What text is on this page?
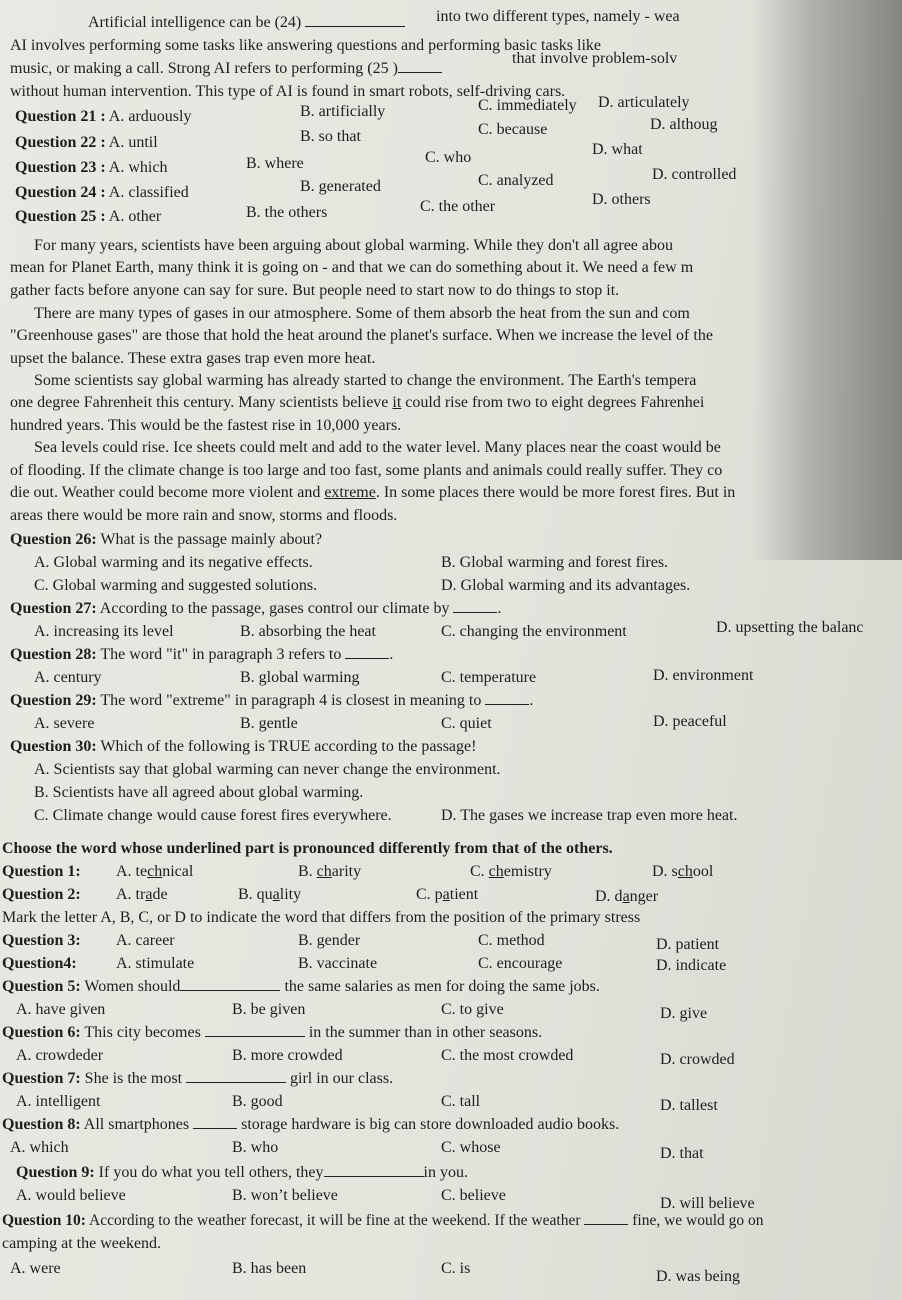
Artificial intelligence can be (24)	into two different types, namely - wea
AI involves performing some tasks like answering questions and performing basic tasks like
music, or making a call. Strong AI refers to performing (25 )
that involve problem-solv
without human intervention. This type of AI is found in smart robots, self-driving cars.
Question 21 : A. arduously	B. artificially	C. immediately D. articulately
Question 22 : A. until	B. so that	C. because	D. althoug
Question 23 : A. which	B. where	C. who	D. what
Question 24 : A. classified	B. generated	C. analyzed	D. controlled
Question 25 : A. other	B. the others	C. the other	D. others
For many years, scientists have been arguing about global warming. While they don't all agree abou
mean for Planet Earth, many think it is going on - and that we can do something about it. We need a few m
gather facts before anyone can say for sure. But people need to start now to do things to stop it.
There are many types of gases in our atmosphere. Some of them absorb the heat from the sun and com
"Greenhouse gases" are those that hold the heat around the planet's surface. When we increase the level of the
upset the balance. These extra gases trap even more heat.
Some scientists say global warming has already started to change the environment. The Earth's tempera
one degree Fahrenheit this century. Many scientists believe it could rise from two to eight degrees Fahrenhei
hundred years. This would be the fastest rise in 10,000 years.
Sea levels could rise. Ice sheets could melt and add to the water level. Many places near the coast would be
of flooding. If the climate change is too large and too fast, some plants and animals could really suffer. They co
die out. Weather could become more violent and extreme. In some places there would be more forest fires. But in
areas there would be more rain and snow, storms and floods.
Question 26: What is the passage mainly about?
A. Global warming and its negative effects.	B. Global warming and forest fires.
C. Global warming and suggested solutions.	D. Global warming and its advantages.
Question 27: According to the passage, gases control our climate by	.
A. increasing its level	B. absorbing the heat	C. changing the environment	D. upsetting the balanc
Question 28: The word "it" in paragraph 3 refers to	.
A. century	B. global warming	C. temperature	D. environment
Question 29: The word "extreme" in paragraph 4 is closest in meaning to	.
A. severe	B. gentle	C. quiet	D. peaceful
Question 30: Which of the following is TRUE according to the passage!
A. Scientists say that global warming can never change the environment.
B. Scientists have all agreed about global warming.
C. Climate change would cause forest fires everywhere.	D. The gases we increase trap even more heat.
Choose the word whose underlined part is pronounced differently from that of the others.
Question 1: A. technical	B. charity	C. chemistry	D. school
Question 2: A. trade	B. quality	C. patient	D. danger
Mark the letter A, B, C, or D to indicate the word that differs from the position of the primary stress
Question 3: A. career	B. gender	C. method	D. patient
Question4: A. stimulate	B. vaccinate	C. encourage	D. indicate
Question 5: Women should	the same salaries as men for doing the same jobs.
A. have given	B. be given	C. to give	D. give
Question 6: This city becomes	in the summer than in other seasons.
A. crowdeder	B. more crowded	C. the most crowded	D. crowded
Question 7: She is the most	girl in our class.
A. intelligent	B. good	C. tall	D. tallest
Question 8: All smartphones	storage hardware is big can store downloaded audio books.
A. which	B. who	C. whose	D. that
Question 9: If you do what you tell others, they	in you.
A. would believe	B. won’t believe	C. believe	D. will believe
Question 10: According to the weather forecast, it will be fine at the weekend. If the weather	fine, we would go on
camping at the weekend.
A. were	B. has been	C. is	D. was being
